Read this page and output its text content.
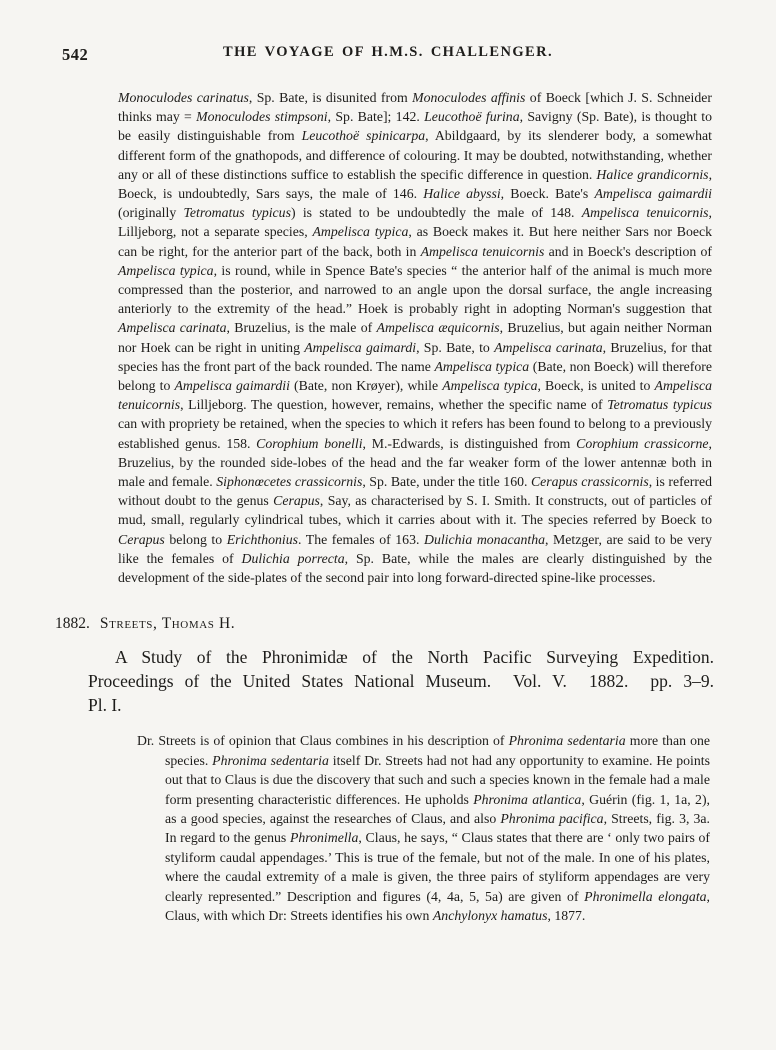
542	THE VOYAGE OF H.M.S. CHALLENGER.

Monoculodes carinatus, Sp. Bate, is disunited from Monoculodes affinis of Boeck [which J. S. Schneider thinks may = Monoculodes stimpsoni, Sp. Bate]; 142. Leucothoë furina, Savigny (Sp. Bate), is thought to be easily distinguishable from Leucothoë spinicarpa, Abildgaard, by its slenderer body, a somewhat different form of the gnathopods, and difference of colouring. It may be doubted, notwithstanding, whether any or all of these distinctions suffice to establish the specific difference in question. Halice grandicornis, Boeck, is undoubtedly, Sars says, the male of 146. Halice abyssi, Boeck. Bate's Ampelisca gaimardii (originally Tetromatus typicus) is stated to be undoubtedly the male of 148. Ampelisca tenuicornis, Lilljeborg, not a separate species, Ampelisca typica, as Boeck makes it. But here neither Sars nor Boeck can be right, for the anterior part of the back, both in Ampelisca tenuicornis and in Boeck's description of Ampelisca typica, is round, while in Spence Bate's species “ the anterior half of the animal is much more compressed than the posterior, and narrowed to an angle upon the dorsal surface, the angle increasing anteriorly to the extremity of the head.” Hoek is probably right in adopting Norman's suggestion that Ampelisca carinata, Bruzelius, is the male of Ampelisca æquicornis, Bruzelius, but again neither Norman nor Hoek can be right in uniting Ampelisca gaimardi, Sp. Bate, to Ampelisca carinata, Bruzelius, for that species has the front part of the back rounded. The name Ampelisca typica (Bate, non Boeck) will therefore belong to Ampelisca gaimardii (Bate, non Krøyer), while Ampelisca typica, Boeck, is united to Ampelisca tenuicornis, Lilljeborg. The question, however, remains, whether the specific name of Tetromatus typicus can with propriety be retained, when the species to which it refers has been found to belong to a previously established genus. 158. Corophium bonelli, M.-Edwards, is distinguished from Corophium crassicorne, Bruzelius, by the rounded side-lobes of the head and the far weaker form of the lower antennæ both in male and female. Siphonœcetes crassicornis, Sp. Bate, under the title 160. Cerapus crassicornis, is referred without doubt to the genus Cerapus, Say, as characterised by S. I. Smith. It constructs, out of particles of mud, small, regularly cylindrical tubes, which it carries about with it. The species referred by Boeck to Cerapus belong to Erichthonius. The females of 163. Dulichia monacantha, Metzger, are said to be very like the females of Dulichia porrecta, Sp. Bate, while the males are clearly distinguished by the development of the side-plates of the second pair into long forward-directed spine-like processes.

1882. Streets, Thomas H.
A Study of the Phronimidæ of the North Pacific Surveying Expedition.
Proceedings of the United States National Museum.  Vol. V.  1882.  pp. 3–9.
Pl. I.

Dr. Streets is of opinion that Claus combines in his description of Phronima sedentaria more than one species. Phronima sedentaria itself Dr. Streets had not had any opportunity to examine. He points out that to Claus is due the discovery that such and such a species known in the female had a male form presenting characteristic differences. He upholds Phronima atlantica, Guérin (fig. 1, 1a, 2), as a good species, against the researches of Claus, and also Phronima pacifica, Streets, fig. 3, 3a. In regard to the genus Phronimella, Claus, he says, “ Claus states that there are ‘ only two pairs of styliform caudal appendages.’ This is true of the female, but not of the male. In one of his plates, where the caudal extremity of a male is given, the three pairs of styliform appendages are very clearly represented.” Description and figures (4, 4a, 5, 5a) are given of Phronimella elongata, Claus, with which Dr: Streets identifies his own Anchylonyx hamatus, 1877.
